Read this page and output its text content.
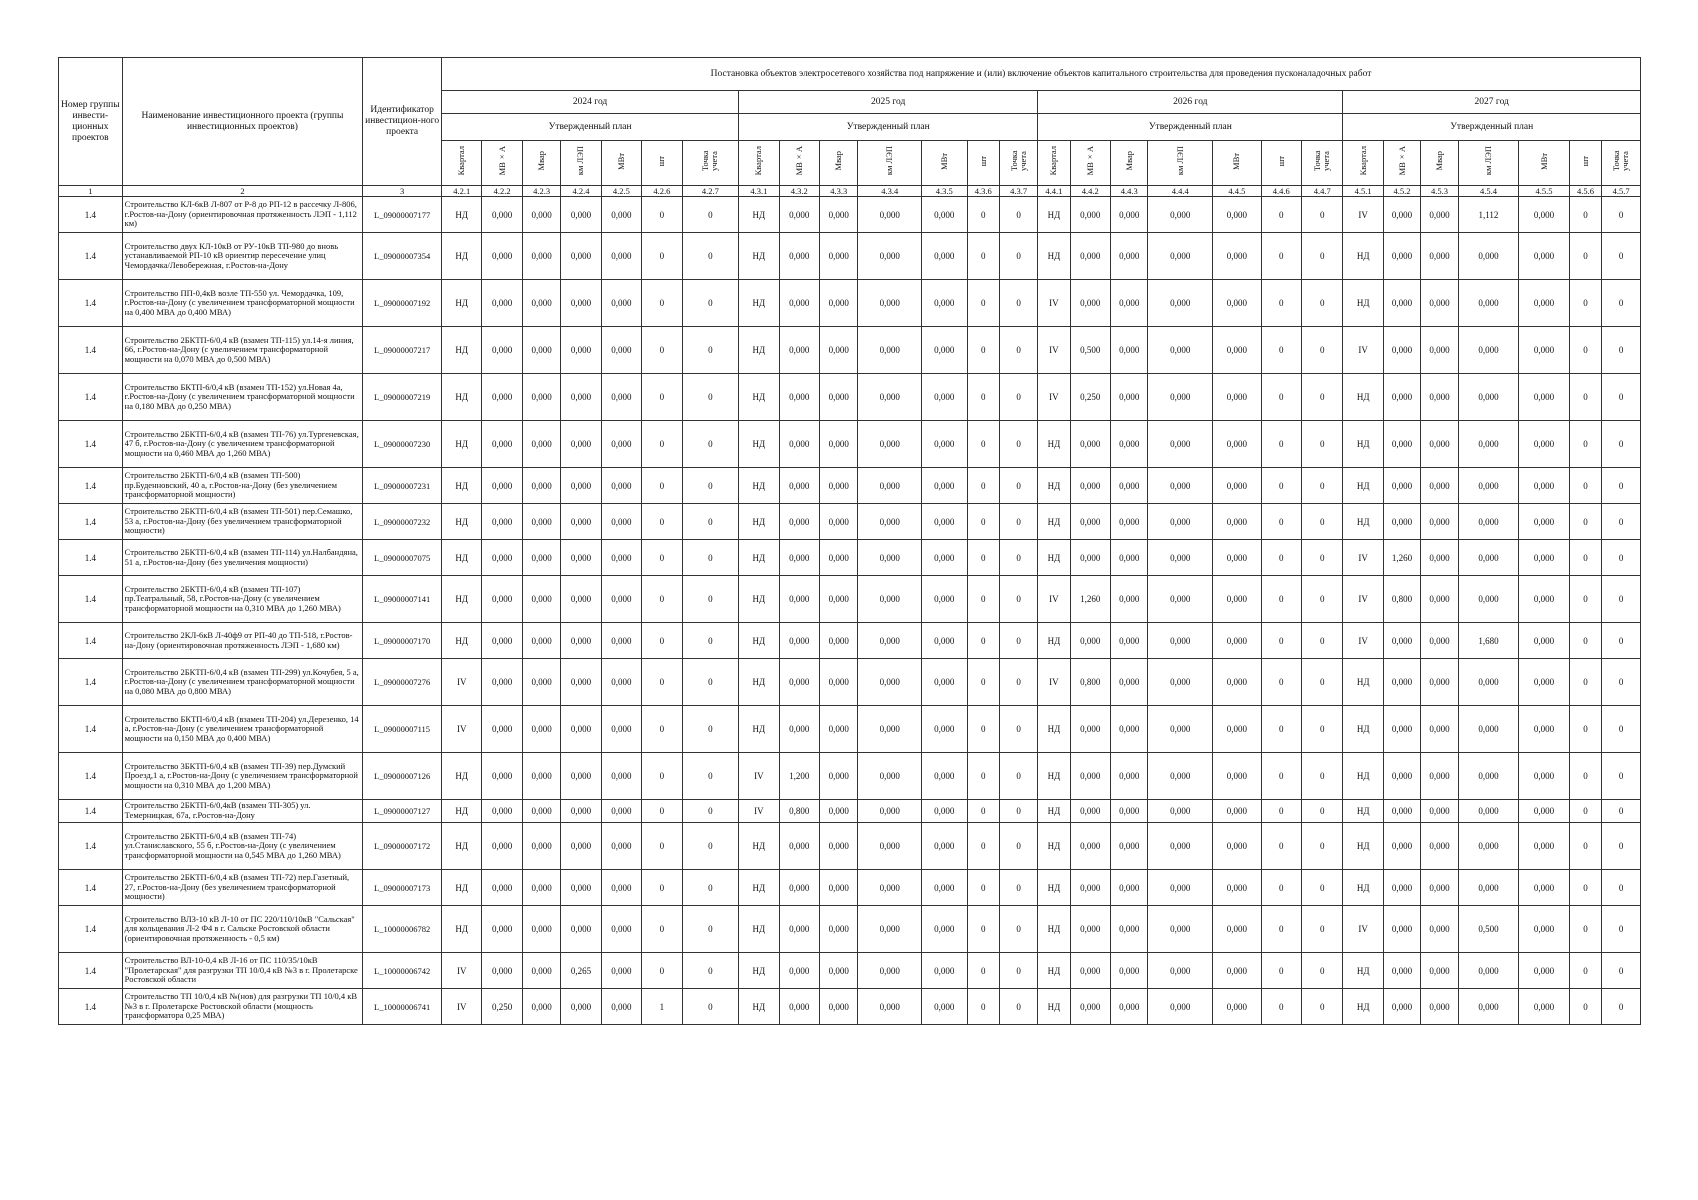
Номер группы инвести-ционных проектов	Наименование инвестиционного проекта (группы инвестиционных проектов)	Идентификатор инвестицион-ного проекта	Постановка объектов электросетевого хозяйства под напряжение и (или) включение объектов капитального строительства для проведения пусконаладочных работ																											
			2024 год							2025 год							2026 год							2027 год						
			Утвержденный план							Утвержденный план							Утвержденный план							Утвержденный план						
			Квартал	МВ×А	Мвар	км ЛЭП	МВт	шт	Точка учета	Квартал	МВ×А	Мвар	км ЛЭП	МВт	шт	Точка учета	Квартал	МВ×А	Мвар	км ЛЭП	МВт	шт	Точка учета	Квартал	МВ×А	Мвар	км ЛЭП	МВт	шт	Точка учета
1	2	3	4.2.1	4.2.2	4.2.3	4.2.4	4.2.5	4.2.6	4.2.7	4.3.1	4.3.2	4.3.3	4.3.4	4.3.5	4.3.6	4.3.7	4.4.1	4.4.2	4.4.3	4.4.4	4.4.5	4.4.6	4.4.7	4.5.1	4.5.2	4.5.3	4.5.4	4.5.5	4.5.6	4.5.7
1.4	Строительство КЛ-6кВ Л-807 от Р-8 до РП-12 в рассечку Л-806, г.Ростов-на-Дону (ориентировочная протяженность ЛЭП - 1,112 км)	L_09000007177	НД	0,000	0,000	0,000	0,000	0	0	НД	0,000	0,000	0,000	0,000	0	0	НД	0,000	0,000	0,000	0,000	0	0	IV	0,000	0,000	1,112	0,000	0	0
1.4	Строительство двух КЛ-10кВ от РУ-10кВ ТП-980 до вновь устанавливаемой РП-10 кВ ориентир пересечение улиц Чемордачка/Левобережная, г.Ростов-на-Дону	L_09000007354	НД	0,000	0,000	0,000	0,000	0	0	НД	0,000	0,000	0,000	0,000	0	0	НД	0,000	0,000	0,000	0,000	0	0	НД	0,000	0,000	0,000	0,000	0	0
1.4	Строительство ПП-0,4кВ возле ТП-550 ул. Чемордачка, 109, г.Ростов-на-Дону (с увеличением трансформаторной мощности на 0,400 МВА до 0,400 МВА)	L_09000007192	НД	0,000	0,000	0,000	0,000	0	0	НД	0,000	0,000	0,000	0,000	0	0	IV	0,000	0,000	0,000	0,000	0	0	НД	0,000	0,000	0,000	0,000	0	0
1.4	Строительство 2БКТП-6/0,4 кВ (взамен ТП-115) ул.14-я линия, 66, г.Ростов-на-Дону (с увеличением трансформаторной мощности на 0,070 МВА до 0,500 МВА)	L_09000007217	НД	0,000	0,000	0,000	0,000	0	0	НД	0,000	0,000	0,000	0,000	0	0	IV	0,500	0,000	0,000	0,000	0	0	IV	0,000	0,000	0,000	0,000	0	0
1.4	Строительство БКТП-6/0,4 кВ (взамен ТП-152) ул.Новая 4а, г.Ростов-на-Дону (с увеличением трансформаторной мощности на 0,180 МВА до 0,250 МВА)	L_09000007219	НД	0,000	0,000	0,000	0,000	0	0	НД	0,000	0,000	0,000	0,000	0	0	IV	0,250	0,000	0,000	0,000	0	0	НД	0,000	0,000	0,000	0,000	0	0
1.4	Строительство 2БКТП-6/0,4 кВ (взамен ТП-76) ул.Тургеневская, 47 б, г.Ростов-на-Дону (с увеличением трансформаторной мощности на 0,460 МВА до 1,260 МВА)	L_09000007230	НД	0,000	0,000	0,000	0,000	0	0	НД	0,000	0,000	0,000	0,000	0	0	НД	0,000	0,000	0,000	0,000	0	0	НД	0,000	0,000	0,000	0,000	0	0
1.4	Строительство 2БКТП-6/0,4 кВ (взамен ТП-500) пр.Буденновский, 40 а, г.Ростов-на-Дону (без увеличением трансформаторной мощности)	L_09000007231	НД	0,000	0,000	0,000	0,000	0	0	НД	0,000	0,000	0,000	0,000	0	0	НД	0,000	0,000	0,000	0,000	0	0	НД	0,000	0,000	0,000	0,000	0	0
1.4	Строительство 2БКТП-6/0,4 кВ (взамен ТП-501) пер.Семашко, 53 а, г.Ростов-на-Дону (без увеличением трансформаторной мощности)	L_09000007232	НД	0,000	0,000	0,000	0,000	0	0	НД	0,000	0,000	0,000	0,000	0	0	НД	0,000	0,000	0,000	0,000	0	0	НД	0,000	0,000	0,000	0,000	0	0
1.4	Строительство 2БКТП-6/0,4 кВ (взамен ТП-114) ул.Налбандяна, 51 а, г.Ростов-на-Дону (без увеличения мощности)	L_09000007075	НД	0,000	0,000	0,000	0,000	0	0	НД	0,000	0,000	0,000	0,000	0	0	НД	0,000	0,000	0,000	0,000	0	0	IV	1,260	0,000	0,000	0,000	0	0
1.4	Строительство 2БКТП-6/0,4 кВ (взамен ТП-107) пр.Театральный, 58, г.Ростов-на-Дону (с увеличением трансформаторной мощности на 0,310 МВА до 1,260 МВА)	L_09000007141	НД	0,000	0,000	0,000	0,000	0	0	НД	0,000	0,000	0,000	0,000	0	0	IV	1,260	0,000	0,000	0,000	0	0	IV	0,800	0,000	0,000	0,000	0	0
1.4	Строительство 2КЛ-6кВ Л-40ф9 от РП-40 до ТП-518, г.Ростов-на-Дону (ориентировочная протяженность ЛЭП - 1,680 км)	L_09000007170	НД	0,000	0,000	0,000	0,000	0	0	НД	0,000	0,000	0,000	0,000	0	0	НД	0,000	0,000	0,000	0,000	0	0	IV	0,000	0,000	1,680	0,000	0	0
1.4	Строительство 2БКТП-6/0,4 кВ (взамен ТП-299) ул.Кочубея, 5 а, г.Ростов-на-Дону (с увеличением трансформаторной мощности на 0,080 МВА до 0,800 МВА)	L_09000007276	IV	0,000	0,000	0,000	0,000	0	0	НД	0,000	0,000	0,000	0,000	0	0	IV	0,800	0,000	0,000	0,000	0	0	НД	0,000	0,000	0,000	0,000	0	0
1.4	Строительство БКТП-6/0,4 кВ (взамен ТП-204) ул.Дерезенко, 14 а, г.Ростов-на-Дону (с увеличением трансформаторной мощности на 0,150 МВА до 0,400 МВА)	L_09000007115	IV	0,000	0,000	0,000	0,000	0	0	НД	0,000	0,000	0,000	0,000	0	0	НД	0,000	0,000	0,000	0,000	0	0	НД	0,000	0,000	0,000	0,000	0	0
1.4	Строительство 3БКТП-6/0,4 кВ (взамен ТП-39) пер.Думский Проезд,1 а, г.Ростов-на-Дону (с увеличением трансформаторной мощности на 0,310 МВА до 1,200 МВА)	L_09000007126	НД	0,000	0,000	0,000	0,000	0	0	IV	1,200	0,000	0,000	0,000	0	0	НД	0,000	0,000	0,000	0,000	0	0	НД	0,000	0,000	0,000	0,000	0	0
1.4	Строительство 2БКТП-6/0,4кВ (взамен ТП-305) ул. Темерницкая, 67а, г.Ростов-на-Дону	L_09000007127	НД	0,000	0,000	0,000	0,000	0	0	IV	0,800	0,000	0,000	0,000	0	0	НД	0,000	0,000	0,000	0,000	0	0	НД	0,000	0,000	0,000	0,000	0	0
1.4	Строительство 2БКТП-6/0,4 кВ (взамен ТП-74) ул.Станиславского, 55 б, г.Ростов-на-Дону (с увеличением трансформаторной мощности на 0,545 МВА до 1,260 МВА)	L_09000007172	НД	0,000	0,000	0,000	0,000	0	0	НД	0,000	0,000	0,000	0,000	0	0	НД	0,000	0,000	0,000	0,000	0	0	НД	0,000	0,000	0,000	0,000	0	0
1.4	Строительство 2БКТП-6/0,4 кВ (взамен ТП-72) пер.Газетный, 27, г.Ростов-на-Дону (без увеличением трансформаторной мощности)	L_09000007173	НД	0,000	0,000	0,000	0,000	0	0	НД	0,000	0,000	0,000	0,000	0	0	НД	0,000	0,000	0,000	0,000	0	0	НД	0,000	0,000	0,000	0,000	0	0
1.4	Строительство ВЛЗ-10 кВ Л-10 от ПС 220/110/10кВ "Сальская" для кольцевания Л-2 Ф4 в г. Сальске Ростовской области (ориентировочная протяженность - 0,5 км)	L_10000006782	НД	0,000	0,000	0,000	0,000	0	0	НД	0,000	0,000	0,000	0,000	0	0	НД	0,000	0,000	0,000	0,000	0	0	IV	0,000	0,000	0,500	0,000	0	0
1.4	Строительство ВЛ-10-0,4 кВ Л-16 от ПС 110/35/10кВ "Пролетарская" для разгрузки ТП 10/0,4 кВ №3 в г. Пролетарске Ростовской области	L_10000006742	IV	0,000	0,000	0,265	0,000	0	0	НД	0,000	0,000	0,000	0,000	0	0	НД	0,000	0,000	0,000	0,000	0	0	НД	0,000	0,000	0,000	0,000	0	0
1.4	Строительство ТП 10/0,4 кВ №(нов) для разгрузки ТП 10/0,4 кВ №3 в г. Пролетарске Ростовской области (мощность трансформатора 0,25 МВА)	L_10000006741	IV	0,250	0,000	0,000	0,000	1	0	НД	0,000	0,000	0,000	0,000	0	0	НД	0,000	0,000	0,000	0,000	0	0	НД	0,000	0,000	0,000	0,000	0	0
